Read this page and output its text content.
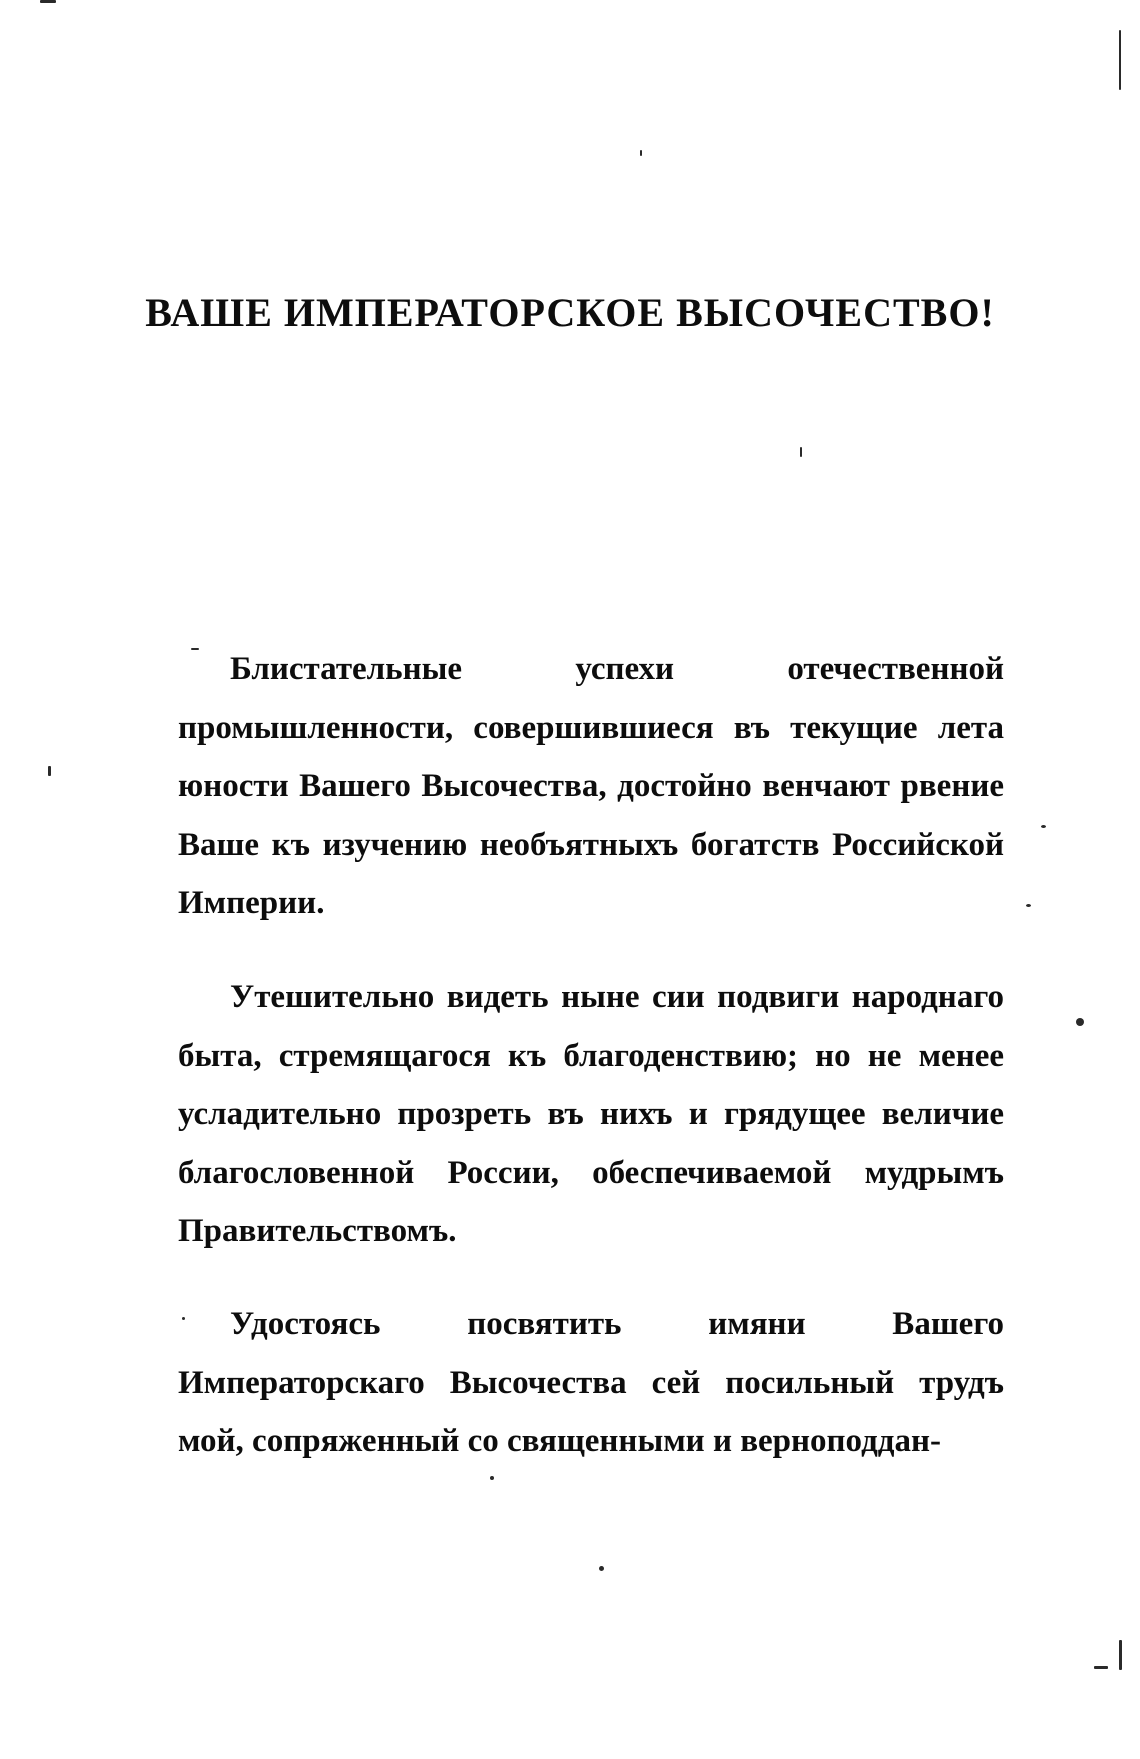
ВАШЕ ИМПЕРАТОРСКОЕ ВЫСОЧЕСТВО!

Блистательные успехи отечественной промышленности, совершившиеся въ текущие лета юности Вашего Высочества, достойно венчают рвение Ваше къ изучению необъятныхъ богатств Российской Империи.

Утешительно видеть ныне сии подвиги народнаго быта, стремящагося къ благоденствию; но не менее усладительно прозреть въ нихъ и грядущее величие благословенной России, обеспечиваемой мудрымъ Правительствомъ.

Удостоясь посвятить имяни Вашего Императорскаго Высочества сей посильный трудъ мой, сопряженный со священными и верноподдан-
